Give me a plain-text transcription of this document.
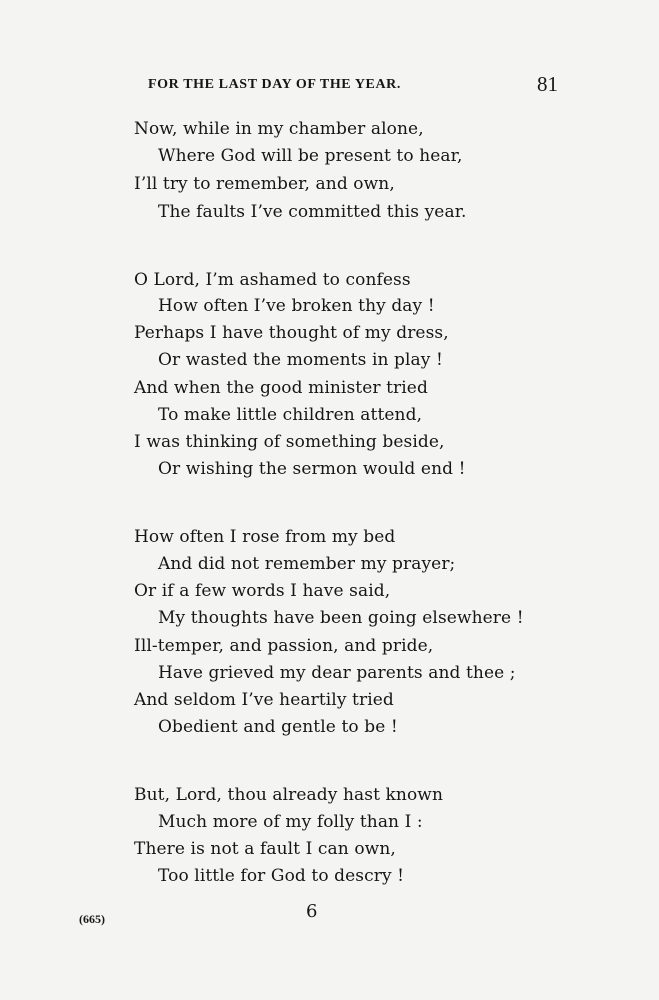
FOR THE LAST DAY OF THE YEAR.	81
Now, while in my chamber alone,
Where God will be present to hear,
I’ll try to remember, and own,
The faults I’ve committed this year.
O Lord, I’m ashamed to confess
How often I’ve broken thy day !
Perhaps I have thought of my dress,
Or wasted the moments in play !
And when the good minister tried
To make little children attend,
I was thinking of something beside,
Or wishing the sermon would end !
How often I rose from my bed
And did not remember my prayer;
Or if a few words I have said,
My thoughts have been going elsewhere !
Ill-temper, and passion, and pride,
Have grieved my dear parents and thee ;
And seldom I’ve heartily tried
Obedient and gentle to be !
But, Lord, thou already hast known
Much more of my folly than I :
There is not a fault I can own,
Too little for God to descry !
(665)	6
